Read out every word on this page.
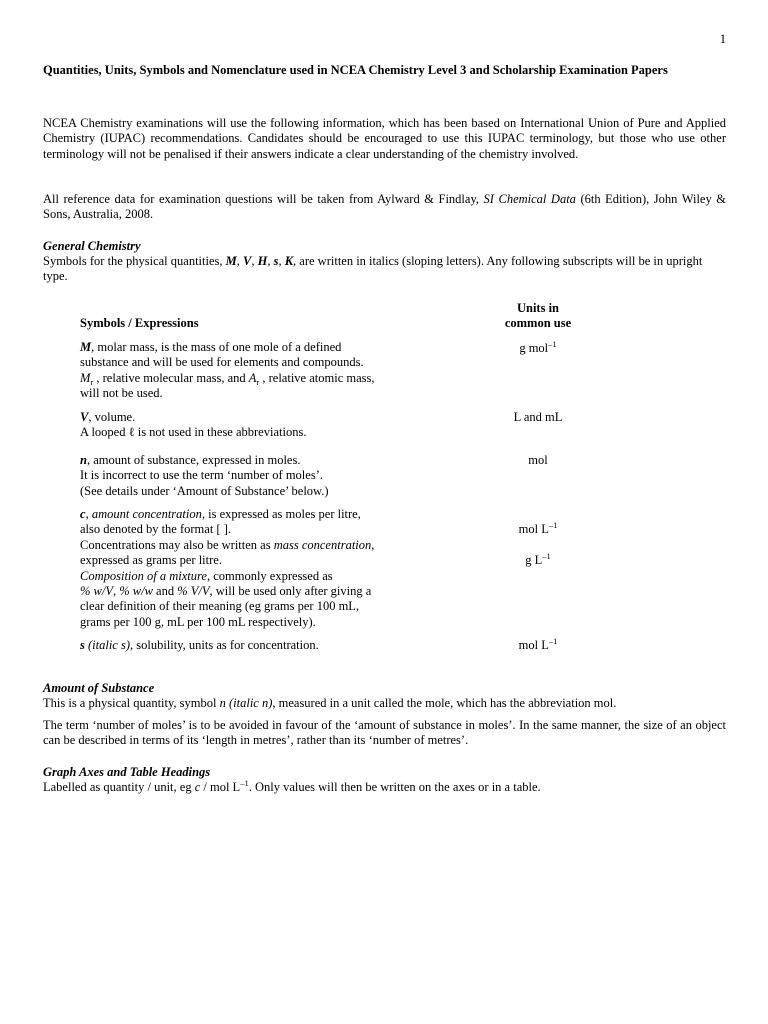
1
Quantities, Units, Symbols and Nomenclature used in NCEA Chemistry Level 3 and Scholarship Examination Papers
NCEA Chemistry examinations will use the following information, which has been based on International Union of Pure and Applied Chemistry (IUPAC) recommendations. Candidates should be encouraged to use this IUPAC terminology, but those who use other terminology will not be penalised if their answers indicate a clear understanding of the chemistry involved.
All reference data for examination questions will be taken from Aylward & Findlay, SI Chemical Data (6th Edition), John Wiley & Sons, Australia, 2008.
General Chemistry
Symbols for the physical quantities, M, V, H, s, K, are written in italics (sloping letters). Any following subscripts will be in upright type.
Units in
common use
Symbols / Expressions
M, molar mass, is the mass of one mole of a defined
substance and will be used for elements and compounds.
$M_r$ , relative molecular mass, and $A_r$ , relative atomic mass,
will not be used.
g mol$^{-1}$
V, volume.
A looped ℓ is not used in these abbreviations.
L and mL
n, amount of substance, expressed in moles.
It is incorrect to use the term ‘number of moles’.
(See details under ‘Amount of Substance’ below.)
mol
c, amount concentration, is expressed as moles per litre,
also denoted by the format [ ].
Concentrations may also be written as mass concentration,
expressed as grams per litre.
Composition of a mixture, commonly expressed as
% w/V, % w/w and % V/V, will be used only after giving a
clear definition of their meaning (eg grams per 100 mL,
grams per 100 g, mL per 100 mL respectively).
mol $L^{-1}$
g $L^{-1}$
s (italic s), solubility, units as for concentration.	mol $L^{-1}$
Amount of Substance
This is a physical quantity, symbol n (italic n), measured in a unit called the mole, which has the abbreviation mol.
The term ‘number of moles’ is to be avoided in favour of the ‘amount of substance in moles’. In the same manner, the size of an object can be described in terms of its ‘length in metres’, rather than its ‘number of metres’.
Graph Axes and Table Headings
Labelled as quantity / unit, eg c / mol $L^{-1}$. Only values will then be written on the axes or in a table.
